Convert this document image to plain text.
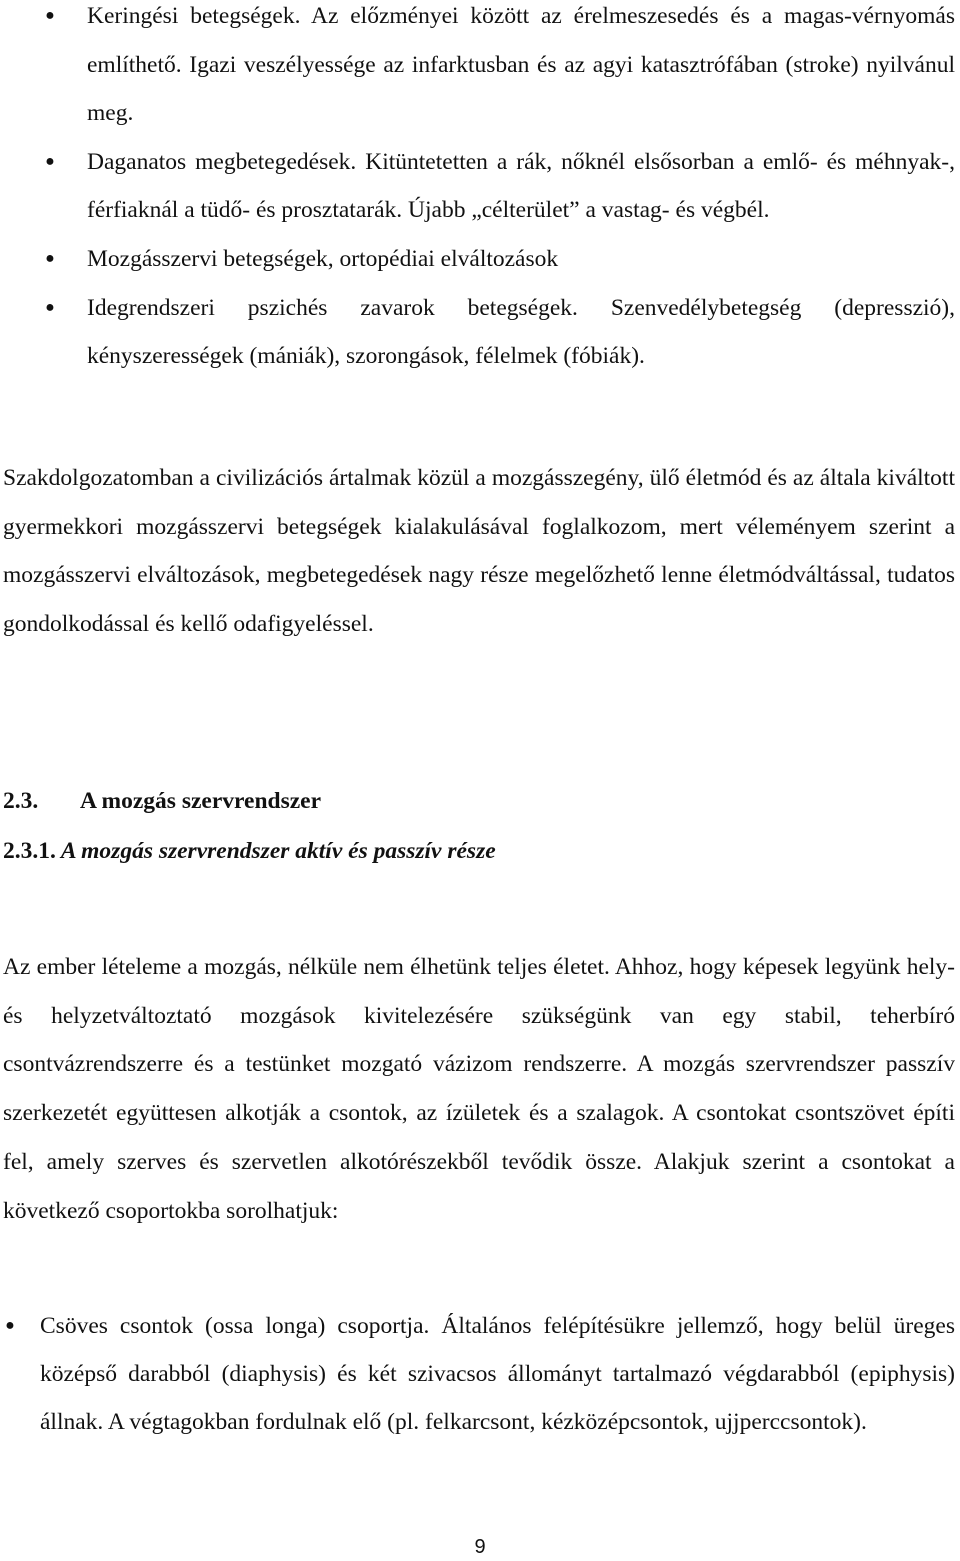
● Keringési betegségek. Az előzményei között az érelmeszesedés és a magas-vérnyomás említhető. Igazi veszélyessége az infarktusban és az agyi katasztrófában (stroke) nyilvánul meg.
● Daganatos megbetegedések. Kitüntetetten a rák, nőknél elsősorban a emlő- és méhnyak-, férfiaknál a tüdő- és prosztatarák. Újabb „célterület” a vastag- és végbél.
● Mozgásszervi betegségek, ortopédiai elváltozások
● Idegrendszeri pszichés zavarok betegségek. Szenvedélybetegség (depresszió), kényszerességek (mániák), szorongások, félelmek (fóbiák).

Szakdolgozatomban a civilizációs ártalmak közül a mozgásszegény, ülő életmód és az általa kiváltott gyermekkori mozgásszervi betegségek kialakulásával foglalkozom, mert véleményem szerint a mozgásszervi elváltozások, megbetegedések nagy része megelőzhető lenne életmódváltással, tudatos gondolkodással és kellő odafigyeléssel.

2.3. A mozgás szervrendszer
2.3.1. A mozgás szervrendszer aktív és passzív része

Az ember lételeme a mozgás, nélküle nem élhetünk teljes életet. Ahhoz, hogy képesek legyünk hely-és helyzetváltoztató mozgások kivitelezésére szükségünk van egy stabil, teherbíró csontvázrendszerre és a testünket mozgató vázizom rendszerre. A mozgás szervrendszer passzív szerkezetét együttesen alkotják a csontok, az ízületek és a szalagok. A csontokat csontszövet építi fel, amely szerves és szervetlen alkotórészekből tevődik össze. Alakjuk szerint a csontokat a következő csoportokba sorolhatjuk:

● Csöves csontok (ossa longa) csoportja. Általános felépítésükre jellemző, hogy belül üreges középső darabból (diaphysis) és két szivacsos állományt tartalmazó végdarabból (epiphysis) állnak. A végtagokban fordulnak elő (pl. felkarcsont, kézközépcsontok, ujjperccsontok).
9
